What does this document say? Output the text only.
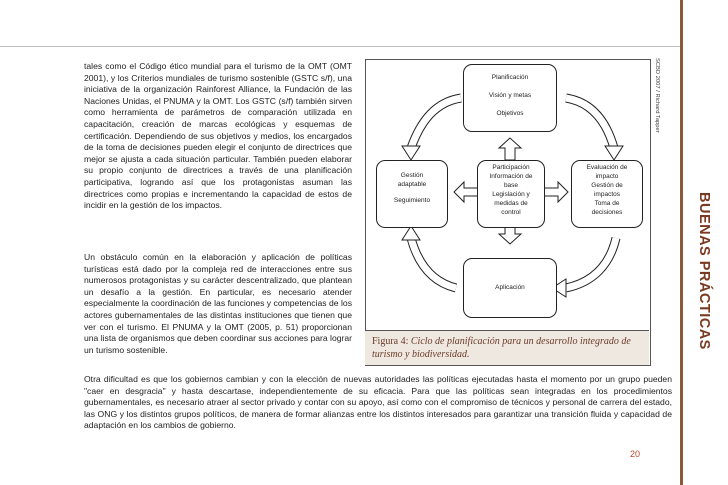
BUENAS PRÁCTICAS
tales como el Código ético mundial para el turismo de la OMT (OMT 2001), y los Criterios mundiales de turismo sostenible (GSTC s/f), una iniciativa de la organización Rainforest Alliance, la Fundación de las Naciones Unidas, el PNUMA y la OMT. Los GSTC (s/f) también sirven como herramienta de parámetros de comparación utilizada en capacitación, creación de marcas ecológicas y esquemas de certificación. Dependiendo de sus objetivos y medios, los encargados de la toma de decisiones pueden elegir el conjunto de directrices que mejor se ajusta a cada situación particular. También pueden elaborar su propio conjunto de directrices a través de una planificación participativa, logrando así que los protagonistas asuman las directrices como propias e incrementando la capacidad de estos de incidir en la gestión de los impactos.
Un obstáculo común en la elaboración y aplicación de políticas turísticas está dado por la compleja red de interacciones entre sus numerosos protagonistas y su carácter descentralizado, que plantean un desafío a la gestión. En particular, es necesario atender especialmente la coordinación de las funciones y competencias de los actores gubernamentales de las distintas instituciones que tienen que ver con el turismo. El PNUMA y la OMT (2005, p. 51) proporcionan una lista de organismos que deben coordinar sus acciones para lograr un turismo sostenible.
Planificación
Visión y metas
Objetivos
Gestión
adaptable
Seguimiento
Participación
Información de
base
Legislación y
medidas de
control
Evaluación de
impacto
Gestión de
impactos
Toma de
decisiones
Aplicación
SCBD 2007 / Richard Tapper
Figura 4: Ciclo de planificación para un desarrollo integrado de turismo y biodiversidad.
Otra dificultad es que los gobiernos cambian y con la elección de nuevas autoridades las políticas ejecutadas hasta el momento por un grupo pueden "caer en desgracia" y hasta descartase, independientemente de su eficacia. Para que las políticas sean integradas en los procedimientos gubernamentales, es necesario atraer al sector privado y contar con su apoyo, así como con el compromiso de técnicos y personal de carrera del estado, las ONG y los distintos grupos políticos, de manera de formar alianzas entre los distintos interesados para garantizar una transición fluida y capacidad de adaptación en los cambios de gobierno.
20
